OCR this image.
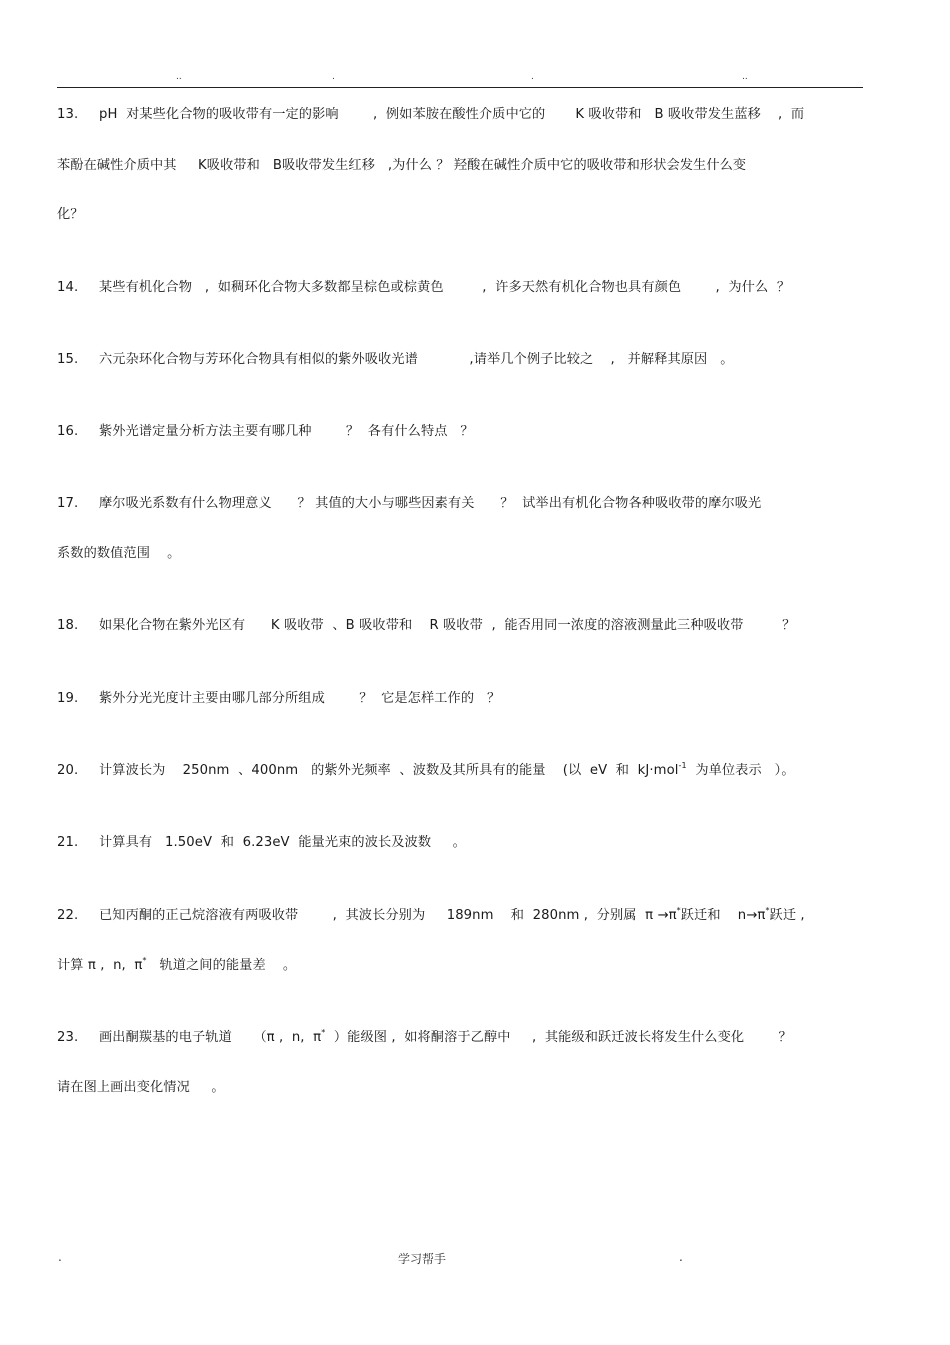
..	.	.	..
13. pH  对某些化合物的吸收带有一定的影响        ,  例如苯胺在酸性介质中它的       K 吸收带和   B 吸收带发生蓝移    ,  而
苯酚在碱性介质中其     K吸收带和   B吸收带发生红移   ,为什么 ？ 羟酸在碱性介质中它的吸收带和形状会发生什么变
化？
14. 某些有机化合物   ,  如稠环化合物大多数都呈棕色或棕黄色         ,  许多天然有机化合物也具有颜色        ,  为什么  ？
15. 六元杂环化合物与芳环化合物具有相似的紫外吸收光谱            ,请举几个例子比较之    ,   并解释其原因   。
16. 紫外光谱定量分析方法主要有哪几种        ？  各有什么特点   ？
17. 摩尔吸光系数有什么物理意义      ？ 其值的大小与哪些因素有关      ？  试举出有机化合物各种吸收带的摩尔吸光
系数的数值范围    。
18. 如果化合物在紫外光区有      K 吸收带  、B 吸收带和    R 吸收带  ,  能否用同一浓度的溶液测量此三种吸收带         ？
19. 紫外分光光度计主要由哪几部分所组成        ？  它是怎样工作的   ？
20. 计算波长为    250nm  、400nm   的紫外光频率  、波数及其所具有的能量    (以  eV  和  kJ·mol$^{-1}$  为单位表示   ）。
21. 计算具有   1.50eV  和  6.23eV  能量光束的波长及波数     。
22. 已知丙酮的正己烷溶液有两吸收带        ,  其波长分别为     189nm    和  280nm ,  分别属  π →π*跃迁和    n→π*跃迁 ,
计算 π ,  n,  π*   轨道之间的能量差    。
23. 画出酮羰基的电子轨道     （π ,  n,  π*  ）能级图 ,  如将酮溶于乙醇中     ,  其能级和跃迁波长将发生什么变化        ？
请在图上画出变化情况     。
.	学习帮手	.
